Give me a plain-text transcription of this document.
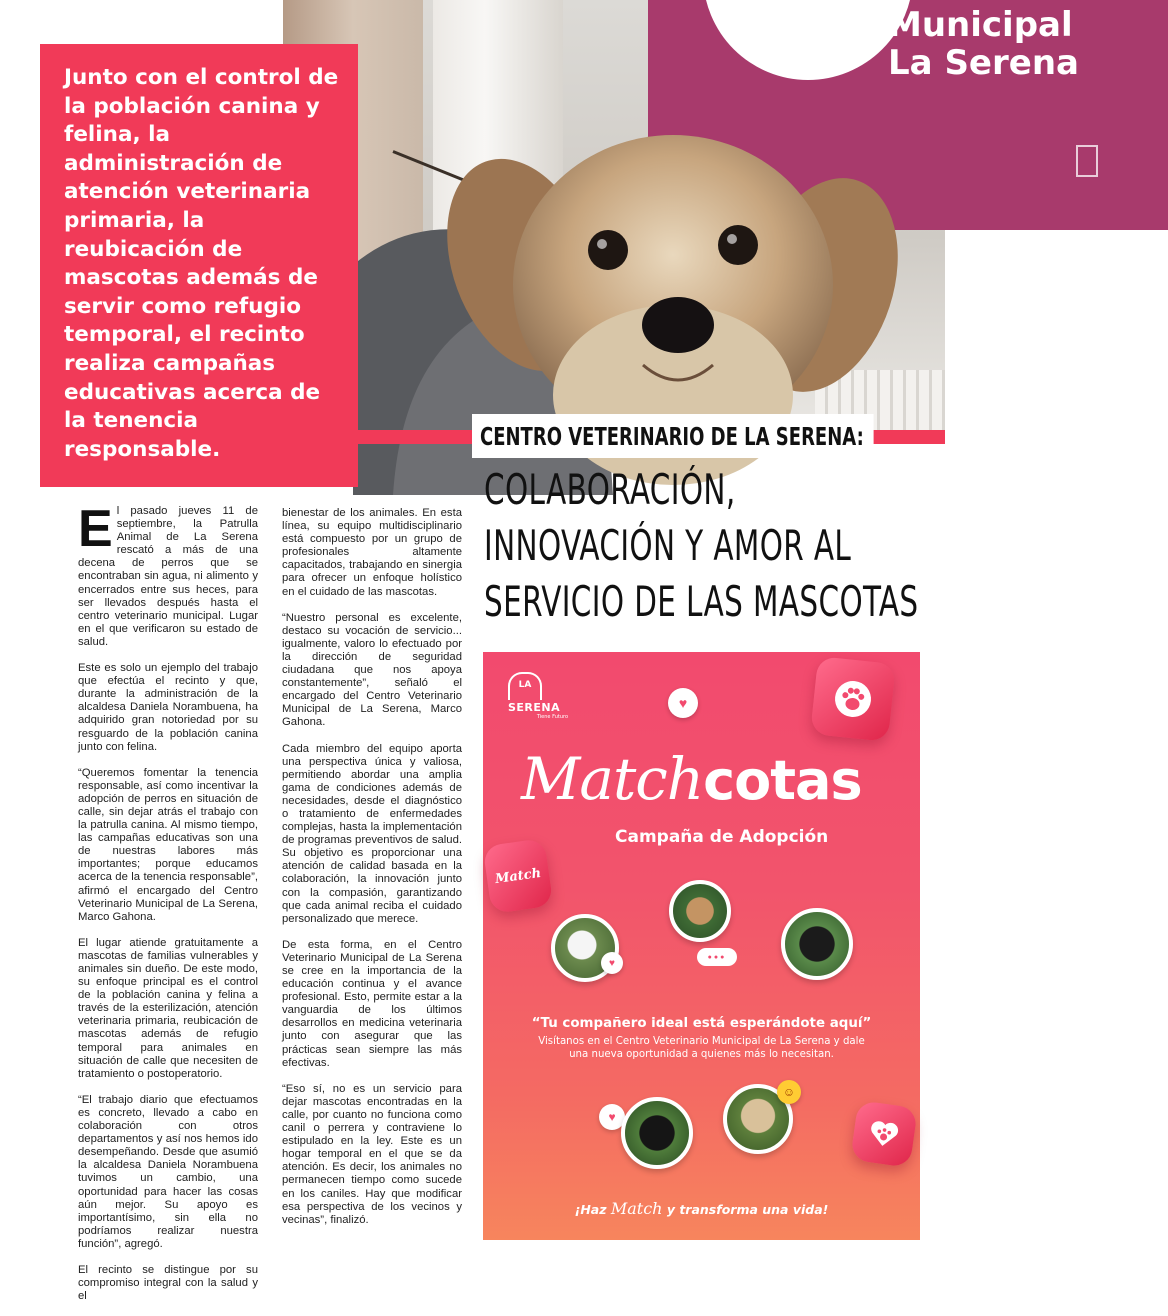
Municipal
La Serena

Junto con el control de la población canina y felina, la administración de atención veterinaria primaria, la reubicación de mascotas además de servir como refugio temporal, el recinto realiza campañas educativas acerca de la tenencia responsable.	CENTRO VETERINARIO DE LA SERENA:
COLABORACIÓN, INNOVACIÓN Y AMOR AL SERVICIO DE LAS MASCOTAS

El pasado jueves 11 de septiembre, la Patrulla Animal de La Serena rescató a más de una decena de perros que se encontraban sin agua, ni alimento y encerrados entre sus heces, para ser llevados después hasta el centro veterinario municipal. Lugar en el que verificaron su estado de salud.

Este es solo un ejemplo del trabajo que efectúa el recinto y que, durante la administración de la alcaldesa Daniela Norambuena, ha adquirido gran notoriedad por su resguardo de la población canina junto con felina.

“Queremos fomentar la tenencia responsable, así como incentivar la adopción de perros en situación de calle, sin dejar atrás el trabajo con la patrulla canina. Al mismo tiempo, las campañas educativas son una de nuestras labores más importantes; porque educamos acerca de la tenencia responsable”, afirmó el encargado del Centro Veterinario Municipal de La Serena, Marco Gahona.

El lugar atiende gratuitamente a mascotas de familias vulnerables y animales sin dueño. De este modo, su enfoque principal es el control de la población canina y felina a través de la esterilización, atención veterinaria primaria, reubicación de mascotas además de refugio temporal para animales en situación de calle que necesiten de tratamiento o postoperatorio.

“El trabajo diario que efectuamos es concreto, llevado a cabo en colaboración con otros departamentos y así nos hemos ido desempeñando. Desde que asumió la alcaldesa Daniela Norambuena tuvimos un cambio, una oportunidad para hacer las cosas aún mejor. Su apoyo es importantísimo, sin ella no podríamos realizar nuestra función”, agregó.

El recinto se distingue por su compromiso integral con la salud y el

bienestar de los animales. En esta línea, su equipo multidisciplinario está compuesto por un grupo de profesionales altamente capacitados, trabajando en sinergia para ofrecer un enfoque holístico en el cuidado de las mascotas.

“Nuestro personal es excelente, destaco su vocación de servicio... igualmente, valoro lo efectuado por la dirección de seguridad ciudadana que nos apoya constantemente”, señaló el encargado del Centro Veterinario Municipal de La Serena, Marco Gahona.

Cada miembro del equipo aporta una perspectiva única y valiosa, permitiendo abordar una amplia gama de condiciones además de necesidades, desde el diagnóstico o tratamiento de enfermedades complejas, hasta la implementación de programas preventivos de salud. Su objetivo es proporcionar una atención de calidad basada en la colaboración, la innovación junto con la compasión, garantizando que cada animal reciba el cuidado personalizado que merece.

De esta forma, en el Centro Veterinario Municipal de La Serena se cree en la importancia de la educación continua y el avance profesional. Esto, permite estar a la vanguardia de los últimos desarrollos en medicina veterinaria junto con asegurar que las prácticas sean siempre las más efectivas.

“Eso sí, no es un servicio para dejar mascotas encontradas en la calle, por cuanto no funciona como canil o perrera y contraviene lo estipulado en la ley. Este es un hogar temporal en el que se da atención. Es decir, los animales no permanecen tiempo como sucede en los caniles. Hay que modificar esa perspectiva de los vecinos y vecinas”, finalizó.

LA
SERENA
Tiene Futuro
♥
Matchcotas
Campaña de Adopción
Match
●●●
♥
“Tu compañero ideal está esperándote aquí”
Visítanos en el Centro Veterinario Municipal de La Serena y dale una nueva oportunidad a quienes más lo necesitan.
♥
☺
¡Haz Match y transforma una vida!
